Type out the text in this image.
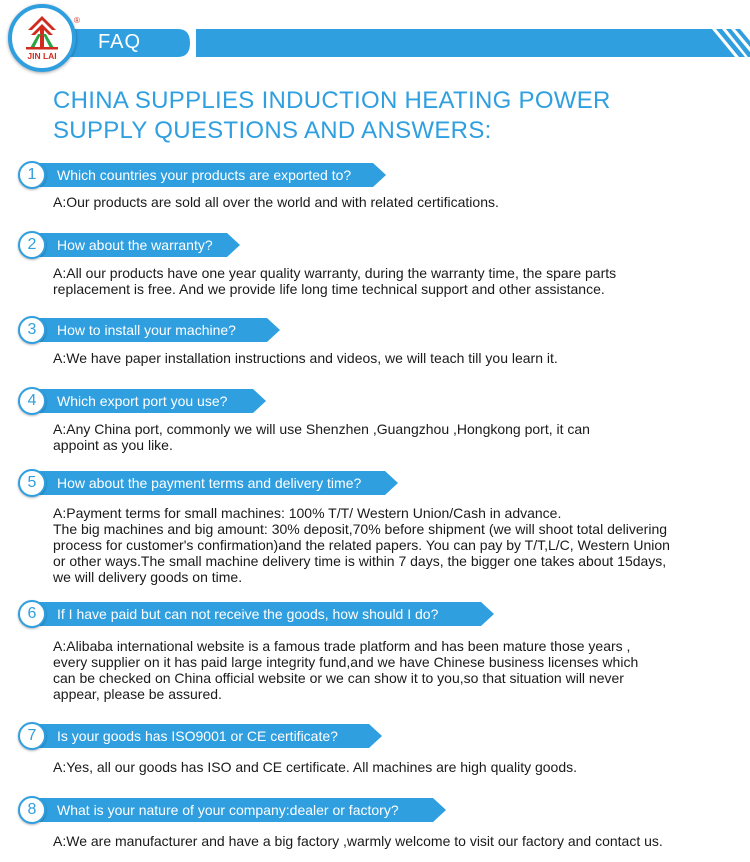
FAQ
JIN LAI
®
CHINA SUPPLIES INDUCTION HEATING POWER
SUPPLY QUESTIONS AND ANSWERS:
1	Which countries your products are exported to?
A:Our products are sold all over the world and with related certifications.
2	How about the warranty?
A:All our products have one year quality warranty, during the warranty time, the spare parts
replacement is free. And we provide life long time technical support and other assistance.
3	How to install your machine?
A:We have paper installation instructions and videos, we will teach till you learn it.
4	Which export port you use?
A:Any China port, commonly we will use Shenzhen ,Guangzhou ,Hongkong port, it can
appoint as you like.
5	How about the payment terms and delivery time?
A:Payment terms for small machines: 100% T/T/ Western Union/Cash in advance.
The big machines and big amount: 30% deposit,70% before shipment (we will shoot total delivering
process for customer's confirmation)and the related papers. You can pay by T/T,L/C, Western Union
or other ways.The small machine delivery time is within 7 days, the bigger one takes about 15days,
we will delivery goods on time.
6	If I have paid but can not receive the goods, how should I do?
A:Alibaba international website is a famous trade platform and has been mature those years ,
every supplier on it has paid large integrity fund,and we have Chinese business licenses which
can be checked on China official website or we can show it to you,so that situation will never
appear, please be assured.
7	Is your goods has ISO9001 or CE certificate?
A:Yes, all our goods has ISO and CE certificate. All machines are high quality goods.
8	What is your nature of your company:dealer or factory?
A:We are manufacturer and have a big factory ,warmly welcome to visit our factory and contact us.
